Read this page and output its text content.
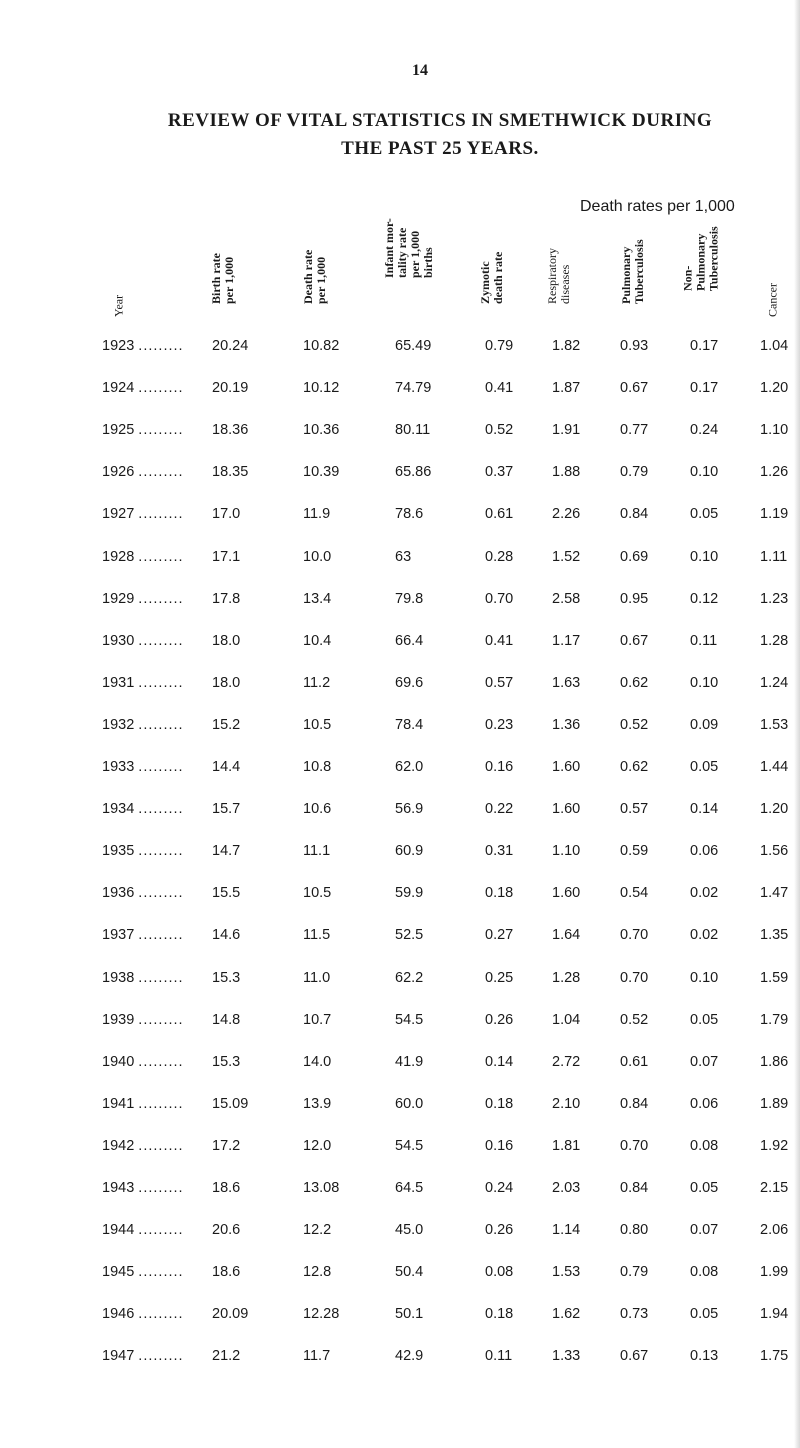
14
REVIEW OF VITAL STATISTICS IN SMETHWICK DURING
THE PAST 25 YEARS.
Death rates per 1,000
Year
Birth rate per 1,000	Death rate per 1,000
Infant mor- tality rate per 1,000 births	Zymotic death rate	Respiratory diseases	Pulmonary Tuberculosis	Non- Pulmonary Tuberculosis
Cancer
1923 ......... 20.24	10.82	65.49	0.79	1.82	0.93	0.17	1.04
1924 ......... 20.19	10.12	74.79	0.41	1.87	0.67	0.17	1.20
1925 ......... 18.36	10.36	80.11	0.52	1.91	0.77	0.24	1.10
1926 ......... 18.35	10.39	65.86	0.37	1.88	0.79	0.10	1.26
1927 ......... 17.0	11.9	78.6	0.61	2.26	0.84	0.05	1.19
1928 ......... 17.1	10.0	63	0.28	1.52	0.69	0.10	1.11
1929 ......... 17.8	13.4	79.8	0.70	2.58	0.95	0.12	1.23
1930 ......... 18.0	10.4	66.4	0.41	1.17	0.67	0.11	1.28
1931 ......... 18.0	11.2	69.6	0.57	1.63	0.62	0.10	1.24
1932 ......... 15.2	10.5	78.4	0.23	1.36	0.52	0.09	1.53
1933 ......... 14.4	10.8	62.0	0.16	1.60	0.62	0.05	1.44
1934 ......... 15.7	10.6	56.9	0.22	1.60	0.57	0.14	1.20
1935 ......... 14.7	11.1	60.9	0.31	1.10	0.59	0.06	1.56
1936 ......... 15.5	10.5	59.9	0.18	1.60	0.54	0.02	1.47
1937 ......... 14.6	11.5	52.5	0.27	1.64	0.70	0.02	1.35
1938 ......... 15.3	11.0	62.2	0.25	1.28	0.70	0.10	1.59
1939 ......... 14.8	10.7	54.5	0.26	1.04	0.52	0.05	1.79
1940 ......... 15.3	14.0	41.9	0.14	2.72	0.61	0.07	1.86
1941 ......... 15.09	13.9	60.0	0.18	2.10	0.84	0.06	1.89
1942 ......... 17.2	12.0	54.5	0.16	1.81	0.70	0.08	1.92
1943 ......... 18.6	13.08	64.5	0.24	2.03	0.84	0.05	2.15
1944 ......... 20.6	12.2	45.0	0.26	1.14	0.80	0.07	2.06
1945 ......... 18.6	12.8	50.4	0.08	1.53	0.79	0.08	1.99
1946 ......... 20.09	12.28	50.1	0.18	1.62	0.73	0.05	1.94
1947 ......... 21.2	11.7	42.9	0.11	1.33	0.67	0.13	1.75
